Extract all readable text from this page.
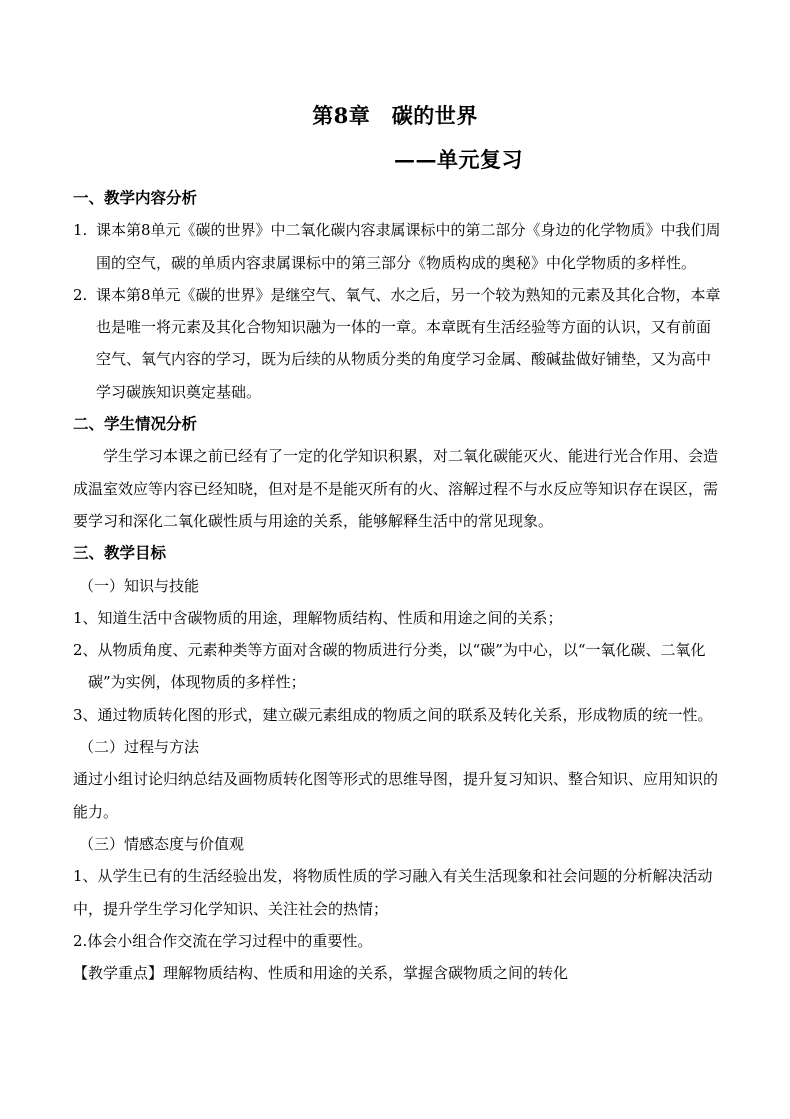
第8章　碳的世界
——单元复习
一、教学内容分析
1. 课本第8单元《碳的世界》中二氧化碳内容隶属课标中的第二部分《身边的化学物质》中我们周围的空气，碳的单质内容隶属课标中的第三部分《物质构成的奥秘》中化学物质的多样性。
2. 课本第8单元《碳的世界》是继空气、氧气、水之后，另一个较为熟知的元素及其化合物，本章也是唯一将元素及其化合物知识融为一体的一章。本章既有生活经验等方面的认识，又有前面空气、氧气内容的学习，既为后续的从物质分类的角度学习金属、酸碱盐做好铺垫，又为高中学习碳族知识奠定基础。
二、学生情况分析
学生学习本课之前已经有了一定的化学知识积累，对二氧化碳能灭火、能进行光合作用、会造成温室效应等内容已经知晓，但对是不是能灭所有的火、溶解过程不与水反应等知识存在误区，需要学习和深化二氧化碳性质与用途的关系，能够解释生活中的常见现象。
三、教学目标
（一）知识与技能
1、知道生活中含碳物质的用途，理解物质结构、性质和用途之间的关系；
2、从物质角度、元素种类等方面对含碳的物质进行分类，以“碳”为中心，以“一氧化碳、二氧化碳”为实例，体现物质的多样性；
3、通过物质转化图的形式，建立碳元素组成的物质之间的联系及转化关系，形成物质的统一性。
（二）过程与方法
通过小组讨论归纳总结及画物质转化图等形式的思维导图，提升复习知识、整合知识、应用知识的能力。
（三）情感态度与价值观
1、从学生已有的生活经验出发，将物质性质的学习融入有关生活现象和社会问题的分析解决活动中，提升学生学习化学知识、关注社会的热情；
2.体会小组合作交流在学习过程中的重要性。
【教学重点】理解物质结构、性质和用途的关系，掌握含碳物质之间的转化
